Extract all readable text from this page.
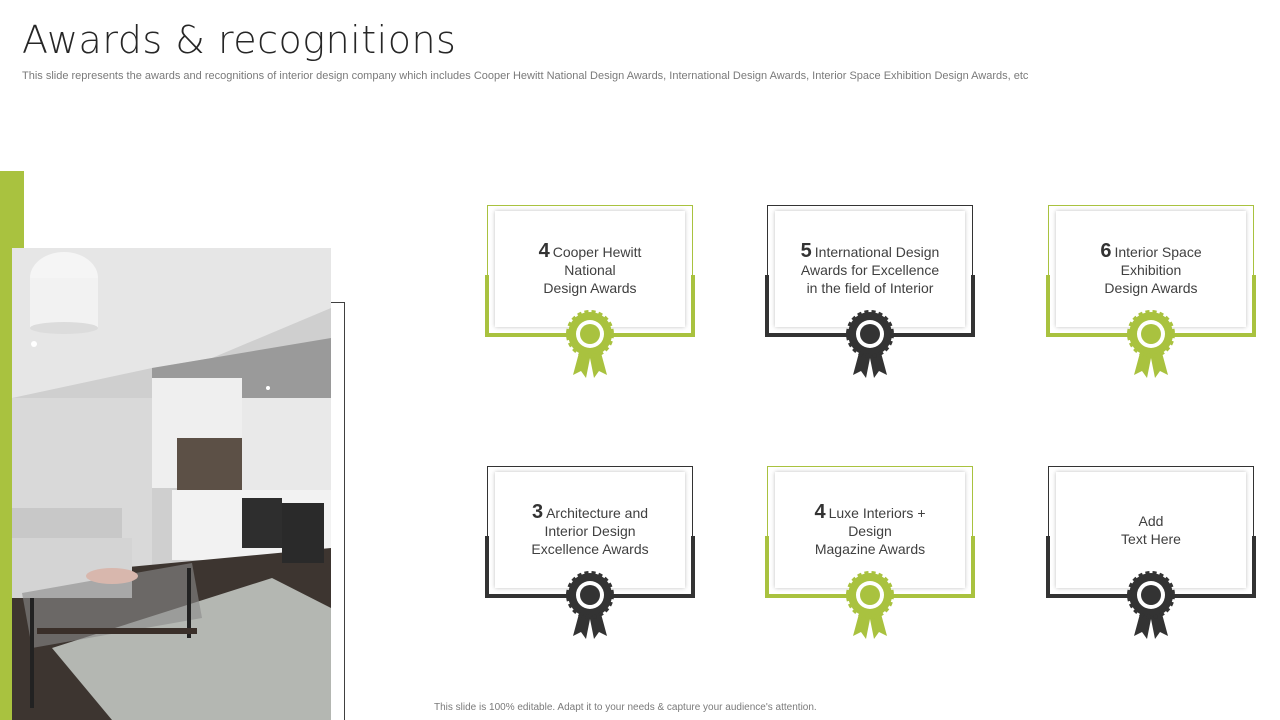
Awards & recognitions
This slide represents the awards and recognitions of interior design company which includes Cooper Hewitt National Design Awards, International Design Awards, Interior Space Exhibition Design Awards, etc
4 Cooper Hewitt
National
Design Awards
5 International Design
Awards for Excellence
in the field of Interior
6 Interior Space
Exhibition
Design Awards
3 Architecture and
Interior Design
Excellence Awards
4 Luxe Interiors +
Design
Magazine Awards
Add
Text Here
This slide is 100% editable. Adapt it to your needs & capture your audience's attention.
